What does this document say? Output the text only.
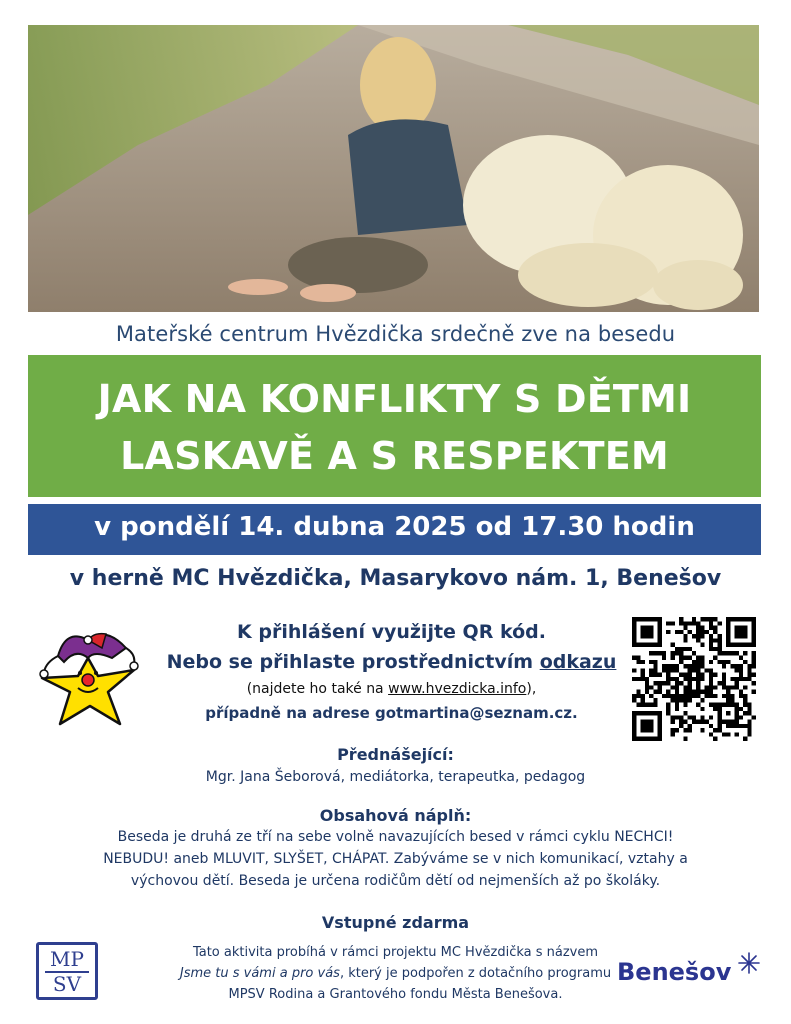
Mateřské centrum Hvězdička srdečně zve na besedu
JAK NA KONFLIKTY S DĚTMI
LASKAVĚ A S RESPEKTEM
v pondělí 14. dubna 2025 od 17.30 hodin
v herně MC Hvězdička, Masarykovo nám. 1, Benešov
K přihlášení využijte QR kód.
Nebo se přihlaste prostřednictvím odkazu
(najdete ho také na www.hvezdicka.info),
případně na adrese gotmartina@seznam.cz.
Přednášející:
Mgr. Jana Šeborová, mediátorka, terapeutka, pedagog
Obsahová náplň:
Beseda je druhá ze tří na sebe volně navazujících besed v rámci cyklu NECHCI!
NEBUDU! aneb MLUVIT, SLYŠET, CHÁPAT. Zabýváme se v nich komunikací, vztahy a
výchovou dětí. Beseda je určena rodičům dětí od nejmenších až po školáky.
Vstupné zdarma
MP
SV
Tato aktivita probíhá v rámci projektu MC Hvězdička s názvem
Jsme tu s vámi a pro vás, který je podpořen z dotačního programu
MPSV Rodina a Grantového fondu Města Benešova.
Benešov
